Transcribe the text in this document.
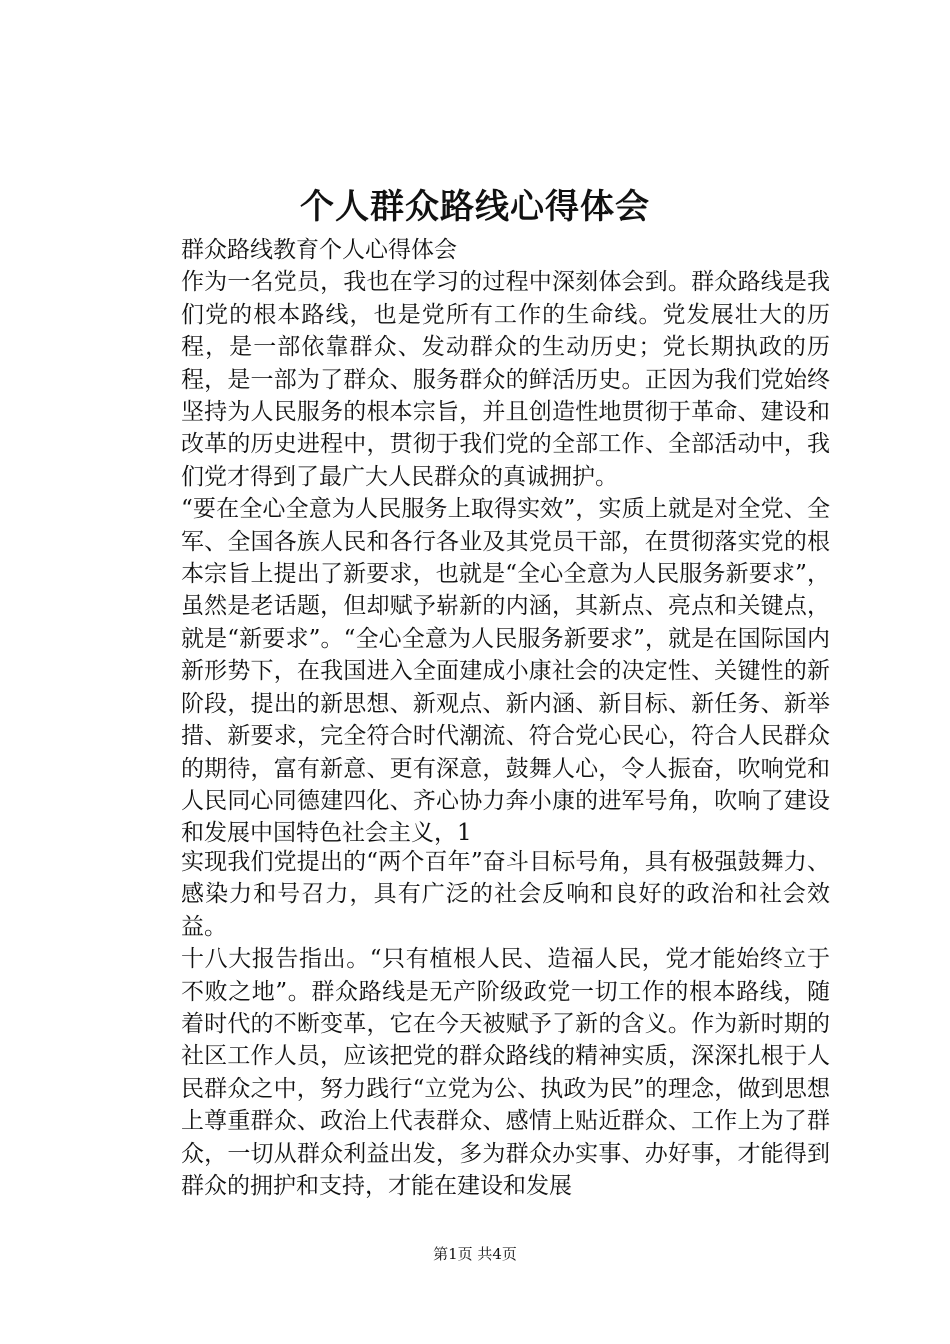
个人群众路线心得体会

群众路线教育个人心得体会

作为一名党员，我也在学习的过程中深刻体会到。群众路线是我们党的根本路线，也是党所有工作的生命线。党发展壮大的历程，是一部依靠群众、发动群众的生动历史；党长期执政的历程，是一部为了群众、服务群众的鲜活历史。正因为我们党始终坚持为人民服务的根本宗旨，并且创造性地贯彻于革命、建设和改革的历史进程中，贯彻于我们党的全部工作、全部活动中，我们党才得到了最广大人民群众的真诚拥护。

“要在全心全意为人民服务上取得实效”，实质上就是对全党、全军、全国各族人民和各行各业及其党员干部，在贯彻落实党的根本宗旨上提出了新要求，也就是“全心全意为人民服务新要求”，虽然是老话题，但却赋予崭新的内涵，其新点、亮点和关键点，就是“新要求”。“全心全意为人民服务新要求”，就是在国际国内新形势下，在我国进入全面建成小康社会的决定性、关键性的新阶段，提出的新思想、新观点、新内涵、新目标、新任务、新举措、新要求，完全符合时代潮流、符合党心民心，符合人民群众的期待，富有新意、更有深意，鼓舞人心，令人振奋，吹响党和人民同心同德建四化、齐心协力奔小康的进军号角，吹响了建设和发展中国特色社会主义，1

实现我们党提出的“两个百年”奋斗目标号角，具有极强鼓舞力、感染力和号召力，具有广泛的社会反响和良好的政治和社会效益。

十八大报告指出。“只有植根人民、造福人民，党才能始终立于不败之地”。群众路线是无产阶级政党一切工作的根本路线，随着时代的不断变革，它在今天被赋予了新的含义。作为新时期的社区工作人员，应该把党的群众路线的精神实质，深深扎根于人民群众之中，努力践行“立党为公、执政为民”的理念，做到思想上尊重群众、政治上代表群众、感情上贴近群众、工作上为了群众，一切从群众利益出发，多为群众办实事、办好事，才能得到群众的拥护和支持，才能在建设和发展

第1页 共4页
